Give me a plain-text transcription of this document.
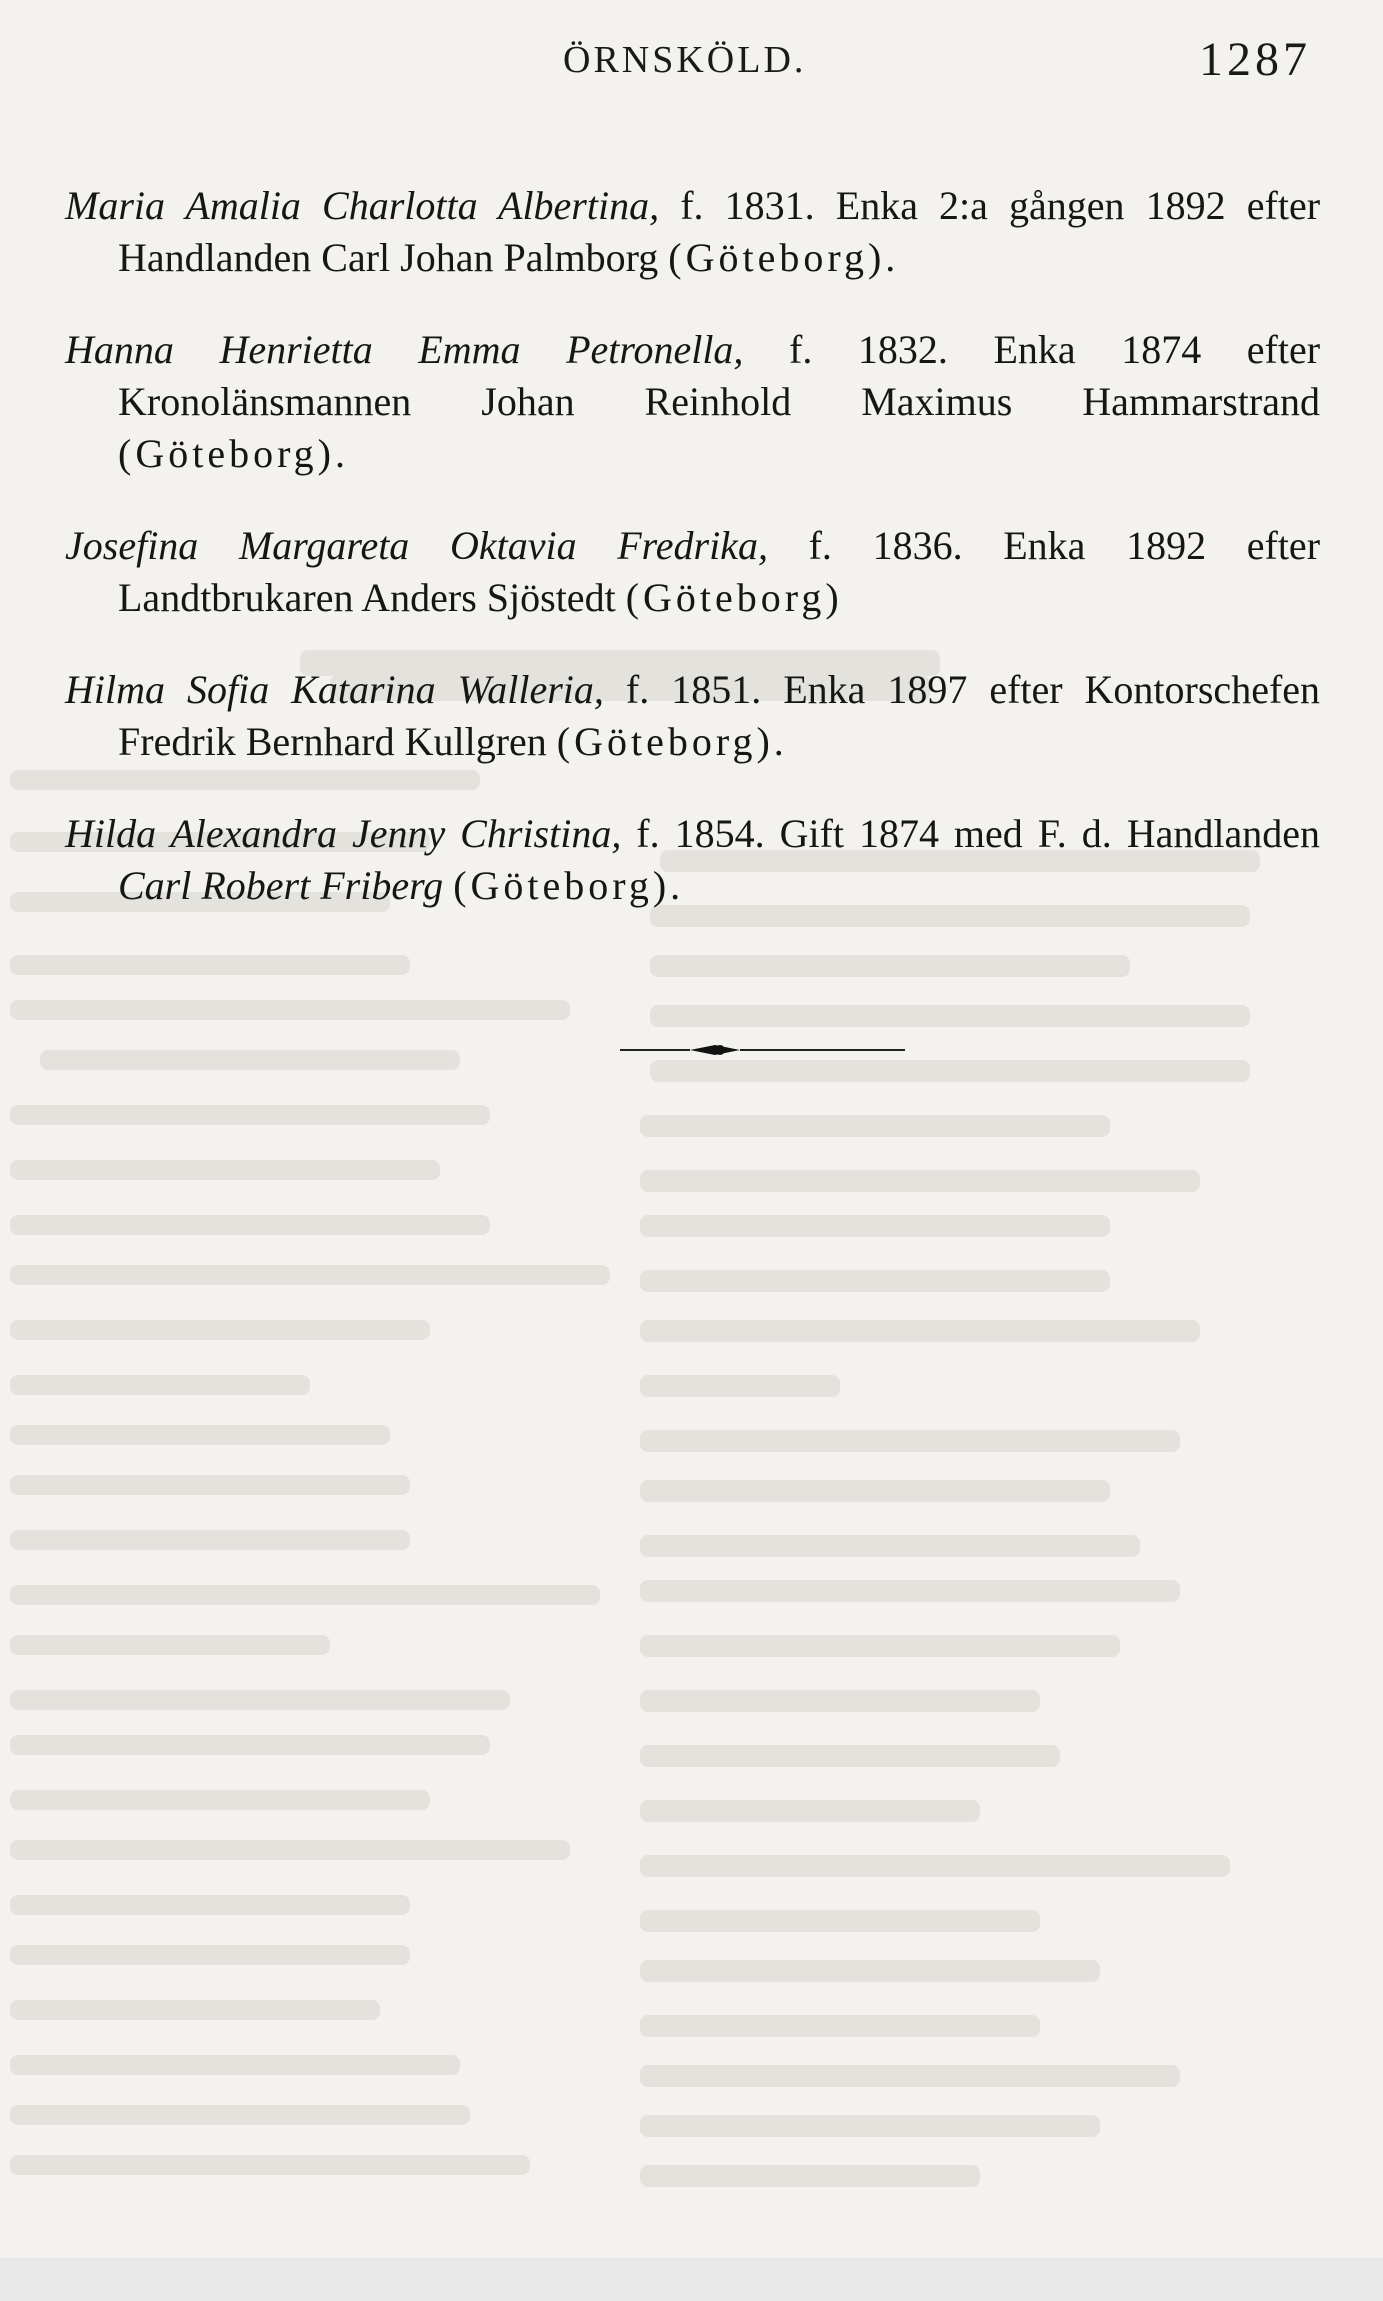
ÖRNSKÖLD.	1287

Maria Amalia Charlotta Albertina, f. 1831. Enka 2:a gången 1892 efter Handlanden Carl Johan Palmborg (Göteborg).

Hanna Henrietta Emma Petronella, f. 1832. Enka 1874 efter Kronolänsmannen Johan Reinhold Maximus Hammarstrand (Göteborg).

Josefina Margareta Oktavia Fredrika, f. 1836. Enka 1892 efter Landtbrukaren Anders Sjöstedt (Göteborg)

Hilma Sofia Katarina Walleria, f. 1851. Enka 1897 efter Kontorschefen Fredrik Bernhard Kullgren (Göteborg).

Hilda Alexandra Jenny Christina, f. 1854. Gift 1874 med F. d. Handlanden Carl Robert Friberg (Göteborg).
